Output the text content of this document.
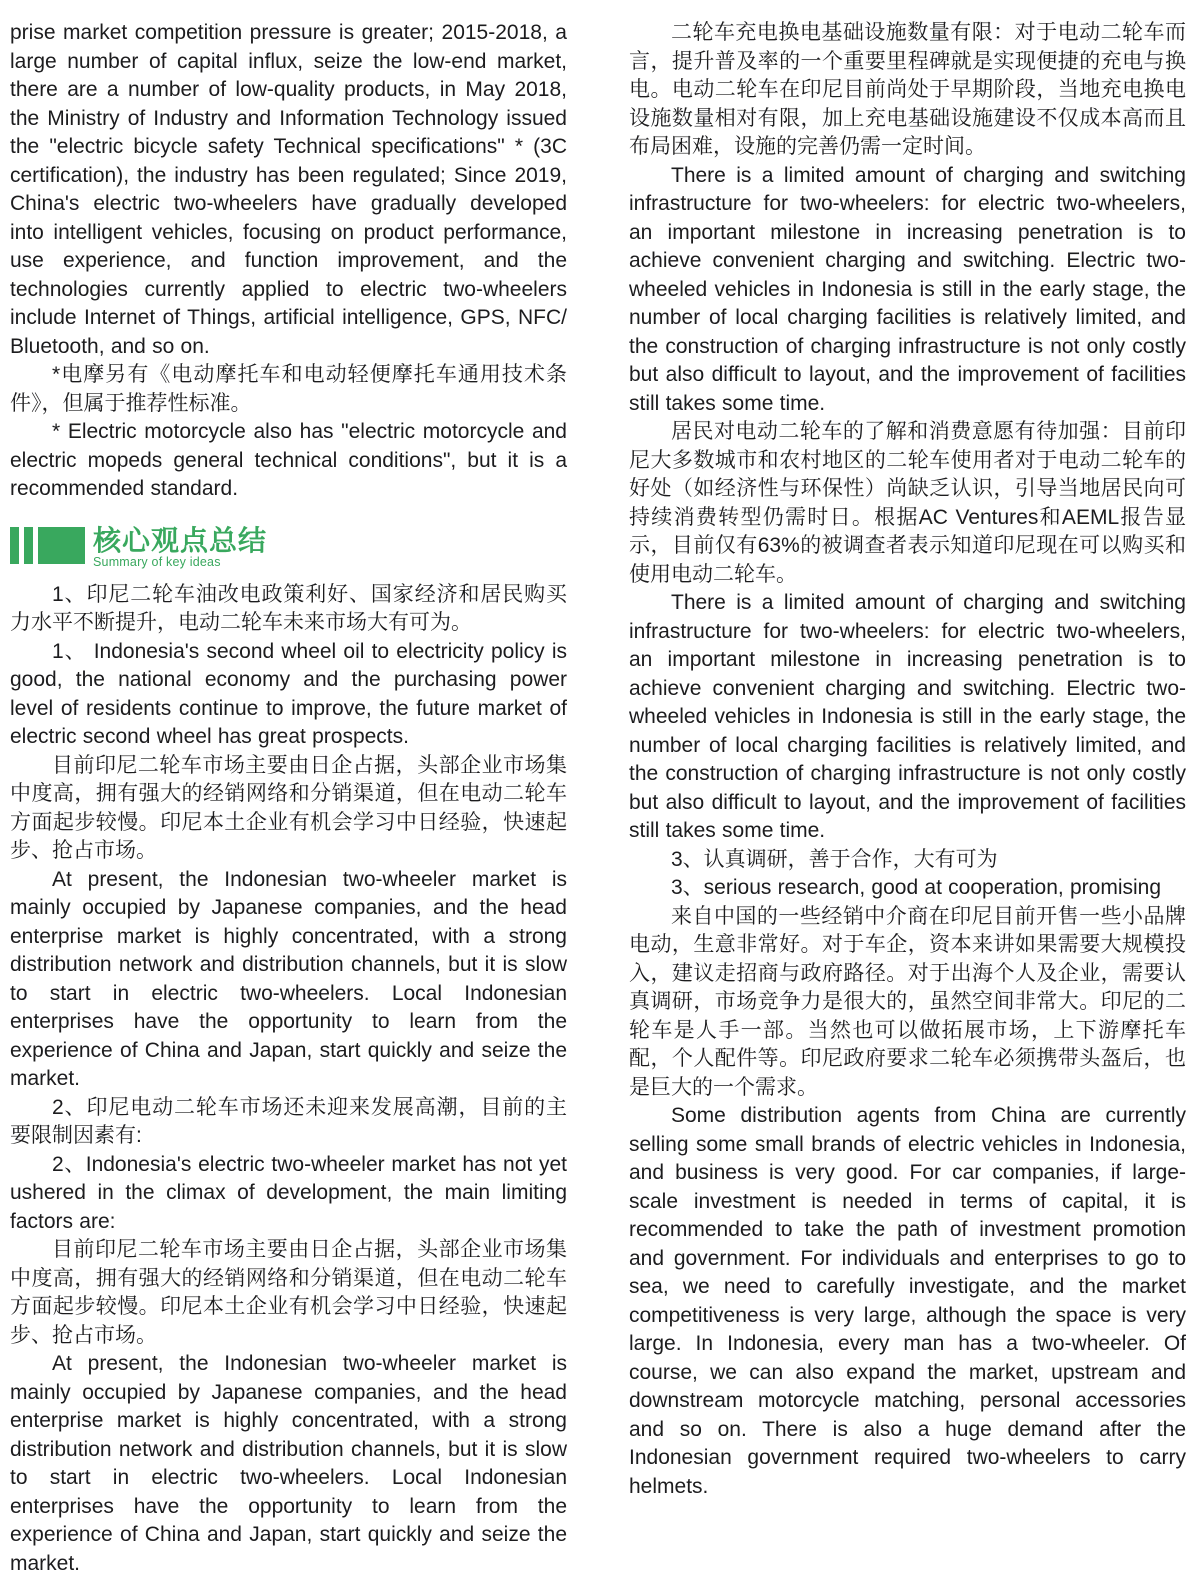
prise market competition pressure is greater; 2015-2018, a large number of capital influx, seize the low-end market, there are a number of low-quality products, in May 2018, the Ministry of Industry and Information Technology issued the "electric bicycle safety Technical specifications" * (3C certification), the industry has been regulated; Since 2019, China's electric two-wheelers have gradually developed into intelligent vehicles, focusing on product performance, use experience, and function improvement, and the technologies currently applied to electric two-wheelers include Internet of Things, artificial intelligence, GPS, NFC/ Bluetooth, and so on.

*电摩另有《电动摩托车和电动轻便摩托车通用技术条件》，但属于推荐性标准。

* Electric motorcycle also has "electric motorcycle and electric mopeds general technical conditions", but it is a recommended standard.

核心观点总结
Summary of key ideas

1、印尼二轮车油改电政策利好、国家经济和居民购买力水平不断提升，电动二轮车未来市场大有可为。

1、 Indonesia's second wheel oil to electricity policy is good, the national economy and the purchasing power level of residents continue to improve, the future market of electric second wheel has great prospects.

目前印尼二轮车市场主要由日企占据，头部企业市场集中度高，拥有强大的经销网络和分销渠道，但在电动二轮车方面起步较慢。印尼本土企业有机会学习中日经验，快速起步、抢占市场。

At present, the Indonesian two-wheeler market is mainly occupied by Japanese companies, and the head enterprise market is highly concentrated, with a strong distribution network and distribution channels, but it is slow to start in electric two-wheelers. Local Indonesian enterprises have the opportunity to learn from the experience of China and Japan, start quickly and seize the market.

2、印尼电动二轮车市场还未迎来发展高潮，目前的主要限制因素有:

2、Indonesia's electric two-wheeler market has not yet ushered in the climax of development, the main limiting factors are:

目前印尼二轮车市场主要由日企占据，头部企业市场集中度高，拥有强大的经销网络和分销渠道，但在电动二轮车方面起步较慢。印尼本土企业有机会学习中日经验，快速起步、抢占市场。

At present, the Indonesian two-wheeler market is mainly occupied by Japanese companies, and the head enterprise market is highly concentrated, with a strong distribution network and distribution channels, but it is slow to start in electric two-wheelers. Local Indonesian enterprises have the opportunity to learn from the experience of China and Japan, start quickly and seize the market.

二轮车充电换电基础设施数量有限：对于电动二轮车而言，提升普及率的一个重要里程碑就是实现便捷的充电与换电。电动二轮车在印尼目前尚处于早期阶段，当地充电换电设施数量相对有限，加上充电基础设施建设不仅成本高而且布局困难，设施的完善仍需一定时间。

There is a limited amount of charging and switching infrastructure for two-wheelers: for electric two-wheelers, an important milestone in increasing penetration is to achieve convenient charging and switching. Electric two-wheeled vehicles in Indonesia is still in the early stage, the number of local charging facilities is relatively limited, and the construction of charging infrastructure is not only costly but also difficult to layout, and the improvement of facilities still takes some time.

居民对电动二轮车的了解和消费意愿有待加强：目前印尼大多数城市和农村地区的二轮车使用者对于电动二轮车的好处（如经济性与环保性）尚缺乏认识，引导当地居民向可持续消费转型仍需时日。根据AC Ventures和AEML报告显示，目前仅有63%的被调查者表示知道印尼现在可以购买和使用电动二轮车。

There is a limited amount of charging and switching infrastructure for two-wheelers: for electric two-wheelers, an important milestone in increasing penetration is to achieve convenient charging and switching. Electric two-wheeled vehicles in Indonesia is still in the early stage, the number of local charging facilities is relatively limited, and the construction of charging infrastructure is not only costly but also difficult to layout, and the improvement of facilities still takes some time.

3、认真调研，善于合作，大有可为

3、serious research, good at cooperation, promising

来自中国的一些经销中介商在印尼目前开售一些小品牌电动，生意非常好。对于车企，资本来讲如果需要大规模投入，建议走招商与政府路径。对于出海个人及企业，需要认真调研，市场竞争力是很大的，虽然空间非常大。印尼的二轮车是人手一部。当然也可以做拓展市场，上下游摩托车配，个人配件等。印尼政府要求二轮车必须携带头盔后，也是巨大的一个需求。

Some distribution agents from China are currently selling some small brands of electric vehicles in Indonesia, and business is very good. For car companies, if large-scale investment is needed in terms of capital, it is recommended to take the path of investment promotion and government. For individuals and enterprises to go to sea, we need to carefully investigate, and the market competitiveness is very large, although the space is very large. In Indonesia, every man has a two-wheeler. Of course, we can also expand the market, upstream and downstream motorcycle matching, personal accessories and so on. There is also a huge demand after the Indonesian government required two-wheelers to carry helmets.
